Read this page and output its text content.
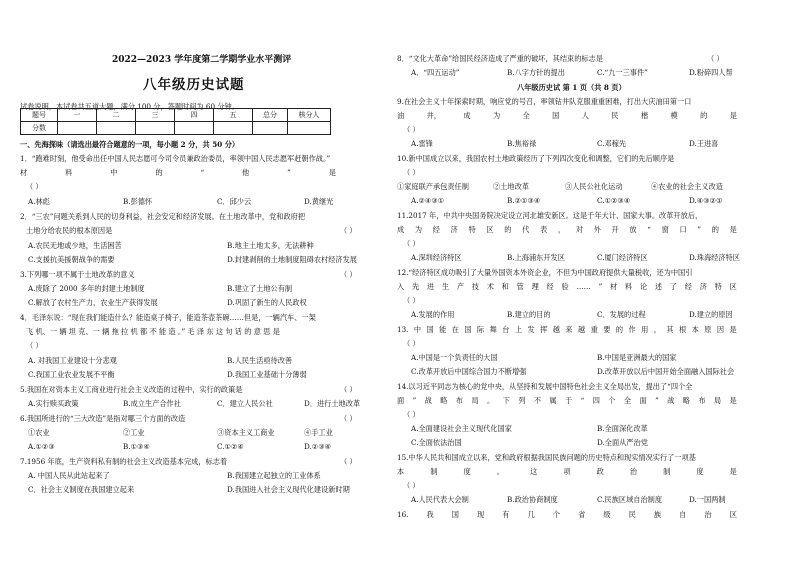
2022—2023 学年度第二学期学业水平测评
八年级历史试题
试卷说明，本试卷共五道大题，满分 100 分，答题时间为 60 分钟。
题号	一	二	三	四	五	总分	核分人
分数							
一、先海探味（请选出最符合题意的一项，每小题 2 分，共 50 分）
1．“跑难时刻，他受命出任中国人民志愿可今司令员兼政治委员，率领中国人民志愿军赶朝作战。”
材	料	中	的	“	他	”	是
（ ）
A.林彪	B.彭德怀	C．邱少云	D.黄继光
2．“三农”问题关系到人民的切身利益，社会安定和经济发展。在土地改革中，党和政府把
土地分给农民的根本原因是	（ ）
A.农民无地或少地，生活困苦	B.地主土地太多，无法耕种
C.支援抗美援朝战争的需要	D.封建剥削的土地制度阻碍农村经济发展
3.下列哪一项不属于土地改革的意义	（ ）
A.废除了 2000 多年的封建土地制度	B.建立了土地公有制
C.解放了农村生产力，农业生产获得发展	D.巩固了新生的人民政权
4．毛泽东说：“现在我们能造什么？能造桌子椅子，能造茶壶茶碗……但是，一辆汽车、一架
飞 机、一 辆 坦 克、一 辆 拖 拉 机 都 不 能 造 。” 毛 泽 东 这 句 话 的 意 思 是
（ ）
A. 对我国工业建设十分悲观	B.人民生活亟待改善
C.我国工业农业发展不平衡	D.我国工业基础十分薄弱
5.我国在对资本主义工商业进行社会主义改造的过程中，实行的政策是	（ ）
A.实行赎买政策	B.成立生产合作社	C．建立人民公社	D．进行土地改革
6.我国所进行的“三大改造”是指对哪三个方面的改造	（ ）
①农业	②工业	③资本主义工商业	④手工业
A.①②③	B.①③④	C.①②④	D.②③④
7.1956 年底，生产资料私有制的社会主义改造基本完成，标志着	（ ）
A. 中国人民从此站起来了	B.我国建立起独立的工业体系
C．社会主义制度在我国建立起来	D.我国进入社会主义现代化建设新时期
8．“文化大革命”给国民经济造成了严重的破坏，其结束的标志是	（ ）
A．“四五运动”	B.八字方针的提出	C.“九一三事件”	D.粉碎四人帮
八年级历史试 第 1 页（共 8 页）
9.在社会主义十年探索时期，响应党的号召，率领钻井队克服重重困难，打出大庆油田第一口
油	井，	成	为	全	国	人	民	楷	模	的	是
（ ）
A.雷锋	B.焦裕禄	C.邓稼先	D.王进喜
10.新中国成立以来，我国农村土地政策经历了下列四次变化和调整，它们的先后顺序是
（ ）
①家庭联产承包责任制	②土地改革	③人民公社化运动	④农业的社会主义改造
A.②④③①	B.②①③④	C.①②③④	D.④③②①
11.2017 年，中共中央国务院决定设立河北雄安新区。这是千年大计、国家大事。改革开放后，
成 为 经 济 特 区 的 代 表 ， 对 外 开 放 “ 窗 口 ” 的 是
（ ）
A.深圳经济特区	B.上海浦东开发区	C.厦门经济特区	D.珠海经济特区
12.“经济特区成功吸引了大量外国资本外资企业，不但为中国政府提供大量税收，还为中国引
入 先 进 生 产 技 术 和 管 理 经 验 …… ” 材 料 论 述 了 经 济 特 区
（ ）
A.发展的作用	B.建立的目的	C．发展的过程	D.建立的原因
13. 中 国 能 在 国 际 舞 台 上 发 挥 越 来 越 重 要 的 作 用 ， 其 根 本 原 因 是
（ ）
A.中国是一个负责任的大国	B.中国是亚洲最大的国家
C.改革开放后中国综合国力不断增强	D.改革开放以后中国开始全面融入国际社会
14.以习近平同志为核心的党中央，从坚持和发展中国特色社会主义全局出发，提出了“四个全
面 ” 战 略 布 局 。 下 列 不 属 于 “ 四 个 全 面 ” 战 略 布 局 是
（ ）
A.全面建设社会主义现代化国家	B.全面深化改革
C.全面依法治国	D.全面从严治党
15.中华人民共和国成立以来，党和政府根据我国民族问题的历史特点和现实情况实行了一项基
本	制	度	。	这	项	政	治	制	度	是
（ ）
A.人民代表大会制	B.政治协商制度	C.民族区域自治制度	D.一国两制
16.	我	国	现	有	几	个	省	级	民	族	自	治	区
